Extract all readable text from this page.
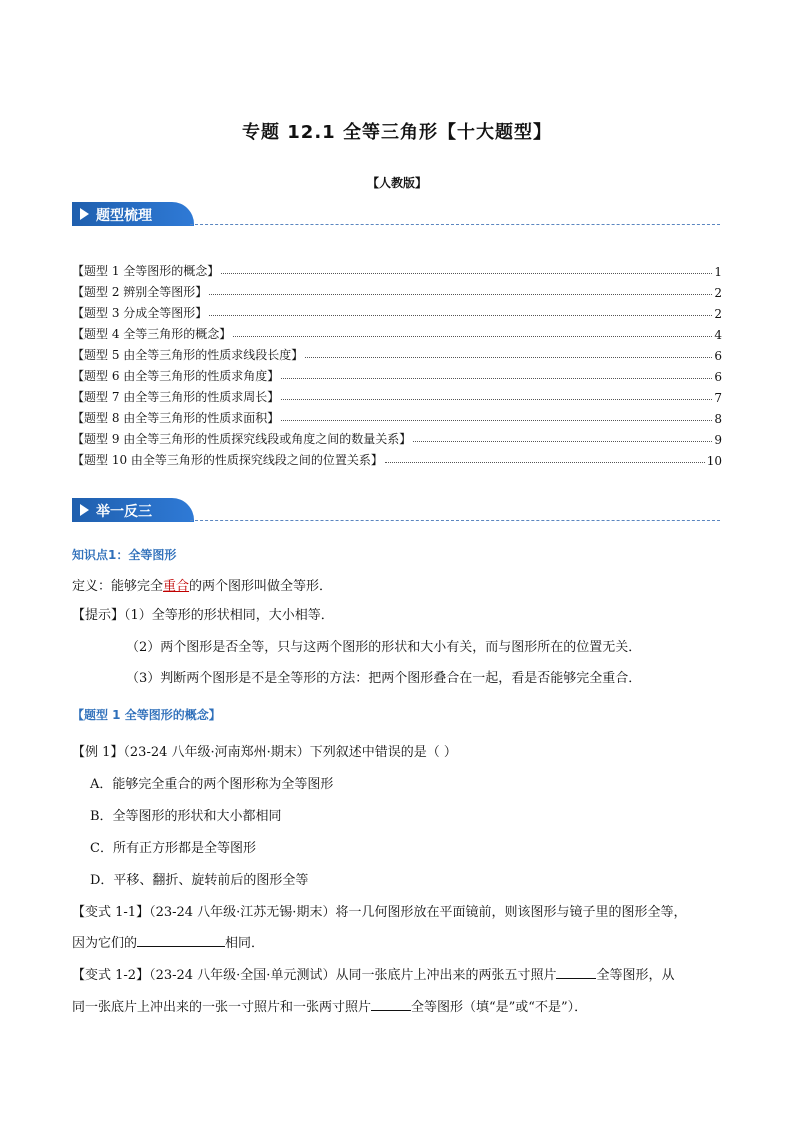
专题 12.1 全等三角形【十大题型】
【人教版】
题型梳理
【题型 1 全等图形的概念】	1
【题型 2 辨别全等图形】	2
【题型 3 分成全等图形】	2
【题型 4 全等三角形的概念】	4
【题型 5 由全等三角形的性质求线段长度】	6
【题型 6 由全等三角形的性质求角度】	6
【题型 7 由全等三角形的性质求周长】	7
【题型 8 由全等三角形的性质求面积】	8
【题型 9 由全等三角形的性质探究线段或角度之间的数量关系】	9
【题型 10 由全等三角形的性质探究线段之间的位置关系】	10
举一反三
知识点1：全等图形
定义：能够完全重合的两个图形叫做全等形．
【提示】（1）全等形的形状相同，大小相等．
（2）两个图形是否全等，只与这两个图形的形状和大小有关，而与图形所在的位置无关．
（3）判断两个图形是不是全等形的方法：把两个图形叠合在一起，看是否能够完全重合．
【题型 1 全等图形的概念】
【例 1】（23-24 八年级·河南郑州·期末）下列叙述中错误的是（ ）
A．能够完全重合的两个图形称为全等图形
B．全等图形的形状和大小都相同
C．所有正方形都是全等图形
D．平移、翻折、旋转前后的图形全等
【变式 1-1】（23-24 八年级·江苏无锡·期末）将一几何图形放在平面镜前，则该图形与镜子里的图形全等，
因为它们的	相同．
【变式 1-2】（23-24 八年级·全国·单元测试）从同一张底片上冲出来的两张五寸照片	全等图形，从
同一张底片上冲出来的一张一寸照片和一张两寸照片	全等图形（填“是”或“不是”）．
